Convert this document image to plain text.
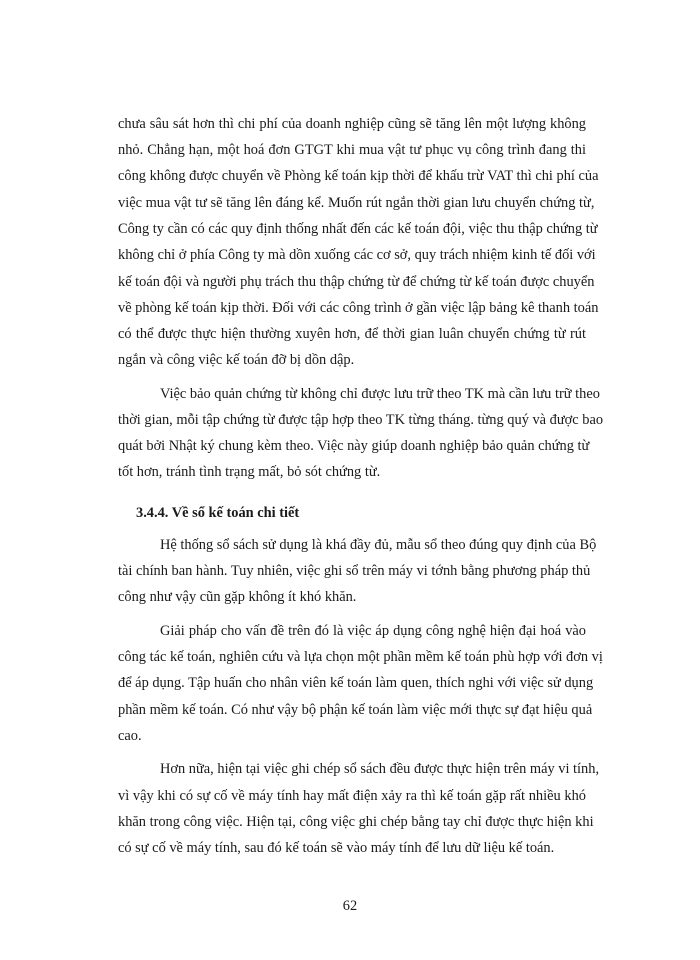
chưa sâu sát hơn thì chi phí của doanh nghiệp cũng sẽ tăng lên một lượng không
nhỏ. Chẳng hạn, một hoá đơn GTGT khi mua vật tư phục vụ công trình đang thi
công không được chuyển về Phòng kế toán kịp thời để khấu trừ VAT thì chi phí của
việc mua vật tư sẽ tăng lên đáng kể. Muốn rút ngắn thời gian lưu chuyển chứng từ,
Công ty cần có các quy định thống nhất đến các kế toán đội, việc thu thập chứng từ
không chỉ ở phía Công ty mà dồn xuống các cơ sở, quy trách nhiệm kinh tế đối với
kế toán đội và người phụ trách thu thập chứng từ để chứng từ kế toán được chuyển
về phòng kế toán kịp thời. Đối với các công trình ở gần việc lập bảng kê thanh toán
có thể được thực hiện thường xuyên hơn, để thời gian luân chuyển chứng từ rút
ngắn và công việc kế toán đỡ bị dồn dập.
Việc bảo quản chứng từ không chỉ được lưu trữ theo TK mà cần lưu trữ theo
thời gian, mỗi tập chứng từ được tập hợp theo TK từng tháng. từng quý và được bao
quát bởi Nhật ký chung kèm theo. Việc này giúp doanh nghiệp bảo quản chứng từ
tốt hơn, tránh tình trạng mất, bỏ sót chứng từ.
3.4.4. Về sổ kế toán chi tiết
Hệ thống sổ sách sử dụng là khá đầy đủ, mẫu sổ theo đúng quy định của Bộ
tài chính ban hành. Tuy nhiên, việc ghi sổ trên máy vi tớnh bằng phương pháp thủ
công như vậy cũn gặp không ít khó khăn.
Giải pháp cho vấn đề trên đó là việc áp dụng công nghệ hiện đại hoá vào
công tác kế toán, nghiên cứu và lựa chọn một phần mềm kế toán phù hợp với đơn vị
để áp dụng. Tập huấn cho nhân viên kế toán làm quen, thích nghi với việc sử dụng
phần mềm kế toán. Có như vậy bộ phận kế toán làm việc mới thực sự đạt hiệu quả
cao.
Hơn nữa, hiện tại việc ghi chép sổ sách đều được thực hiện trên máy vi tính,
vì vậy khi có sự cố về máy tính hay mất điện xảy ra thì kế toán gặp rất nhiều khó
khăn trong công việc. Hiện tại, công việc ghi chép bằng tay chỉ được thực hiện khi
có sự cố về máy tính, sau đó kế toán sẽ vào máy tính để lưu dữ liệu kế toán.
62
